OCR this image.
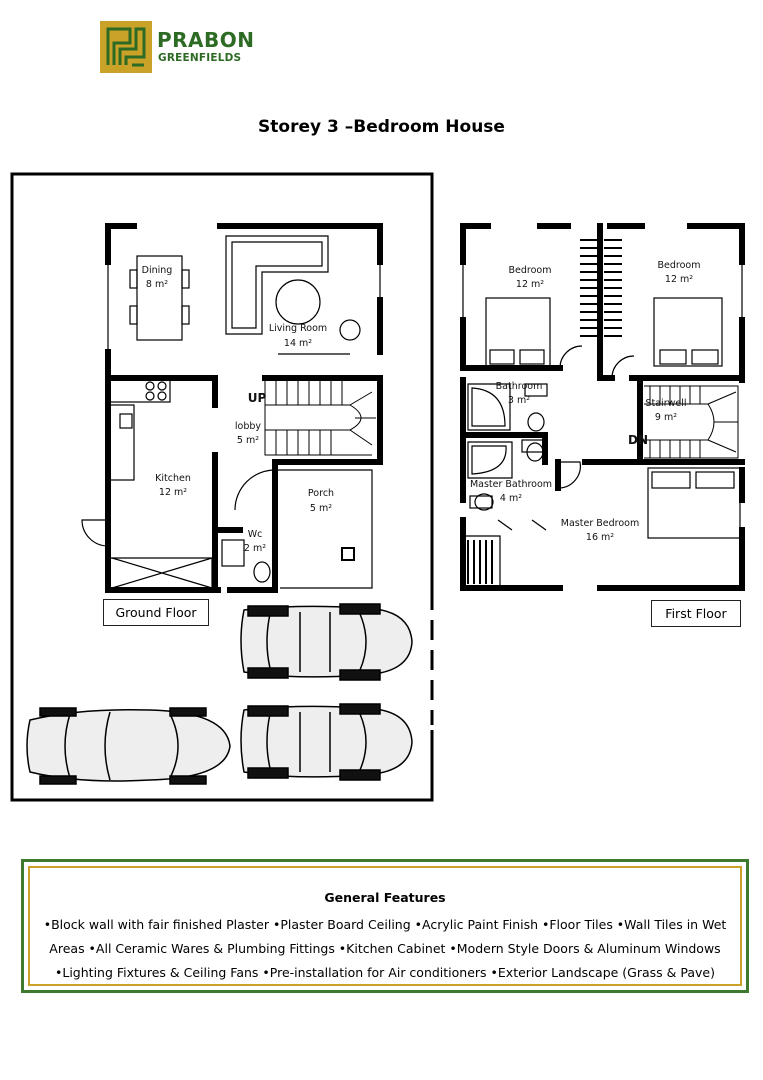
PRABON
GREENFIELDS
Storey 3 –Bedroom House
Dining
8 m²
Living Room
14 m²
lobby
5 m²
Kitchen
12 m²	Porch
5 m²
Wc
2 m²
UP
Bedroom
12 m²
Bedroom
12 m²
Bathroom
3 m²	Stairwell
9 m²
Master Bathroom
4 m²
Master Bedroom
16 m²
DN
Ground Floor	First Floor
General Features
•Block wall with fair finished Plaster •Plaster Board Ceiling •Acrylic Paint Finish •Floor Tiles •Wall Tiles in Wet Areas •All Ceramic Wares & Plumbing Fittings •Kitchen Cabinet •Modern Style Doors & Aluminum Windows •Lighting Fixtures & Ceiling Fans •Pre-installation for Air conditioners •Exterior Landscape (Grass & Pave)
